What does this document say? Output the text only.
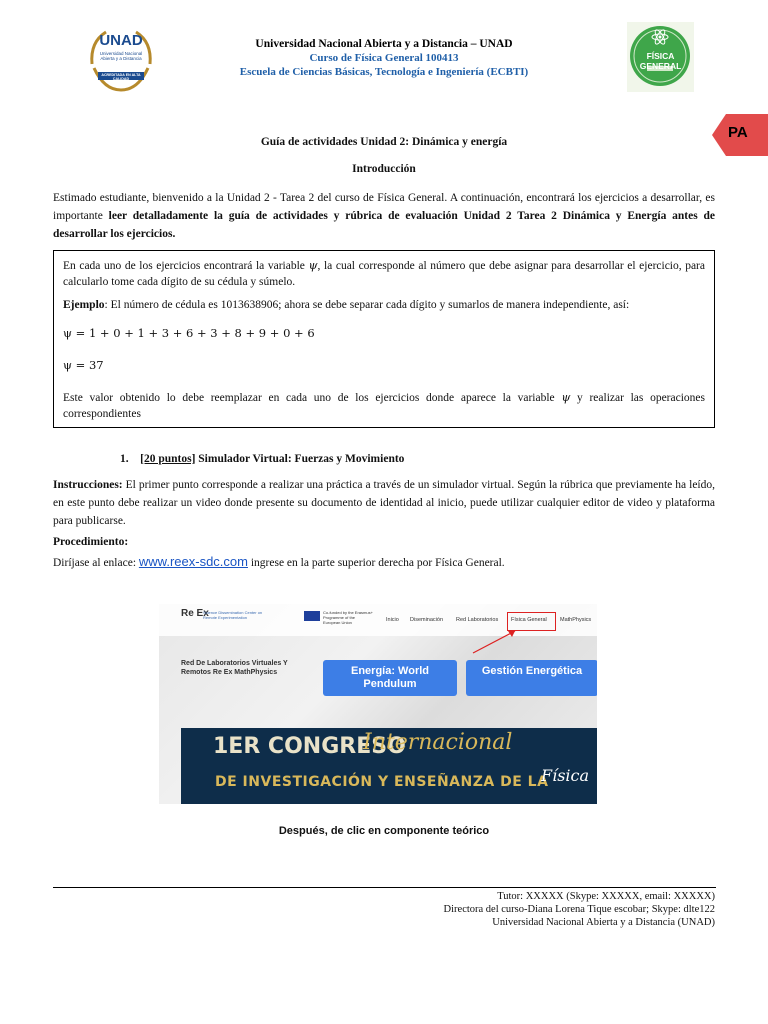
UNAD
Universidad Nacional Abierta y a Distancia
ACREDITADA EN ALTA CALIDAD
Universidad Nacional Abierta y a Distancia – UNAD
Curso de Física General 100413
Escuela de Ciencias Básicas, Tecnología e Ingeniería (ECBTI)
FÍSICA GENERAL
PA
Guía de actividades Unidad 2: Dinámica y energía
Introducción
Estimado estudiante, bienvenido a la Unidad 2 - Tarea 2 del curso de Física General. A continuación, encontrará los ejercicios a desarrollar, es importante leer detalladamente la guía de actividades y rúbrica de evaluación Unidad 2 Tarea 2 Dinámica y Energía antes de desarrollar los ejercicios.

En cada uno de los ejercicios encontrará la variable ψ, la cual corresponde al número que debe asignar para desarrollar el ejercicio, para calcularlo tome cada dígito de su cédula y súmelo.

Ejemplo: El número de cédula es 1013638906; ahora se debe separar cada dígito y sumarlos de manera independiente, así:

ψ = 1 + 0 + 1 + 3 + 6 + 3 + 8 + 9 + 0 + 6

ψ = 37

Este valor obtenido lo debe reemplazar en cada uno de los ejercicios donde aparece la variable ψ y realizar las operaciones correspondientes

1. [20 puntos] Simulador Virtual: Fuerzas y Movimiento
Instrucciones: El primer punto corresponde a realizar una práctica a través de un simulador virtual. Según la rúbrica que previamente ha leído, en este punto debe realizar un video donde presente su documento de identidad al inicio, puede utilizar cualquier editor de video y plataforma para publicarse.
Procedimiento:
Diríjase al enlace: www.reex-sdc.com ingrese en la parte superior derecha por Física General.
Re Ex
Science Dissemination Center on Remote Experimentation
Co-funded by the Erasmus+ Programme of the European Union	Inicio Diseminación Red Laboratorios Física General MathPhysics
Red De Laboratorios Virtuales Y Remotos Re Ex MathPhysics	Energía: World Pendulum
Gestión Energética
1ER CONGRESO
Internacional
DE INVESTIGACIÓN Y ENSEÑANZA DE LA
Física
Después, de clic en componente teórico
Tutor: XXXXX (Skype: XXXXX, email: XXXXX)
Directora del curso-Diana Lorena Tique escobar; Skype: dlte122
Universidad Nacional Abierta y a Distancia (UNAD)
